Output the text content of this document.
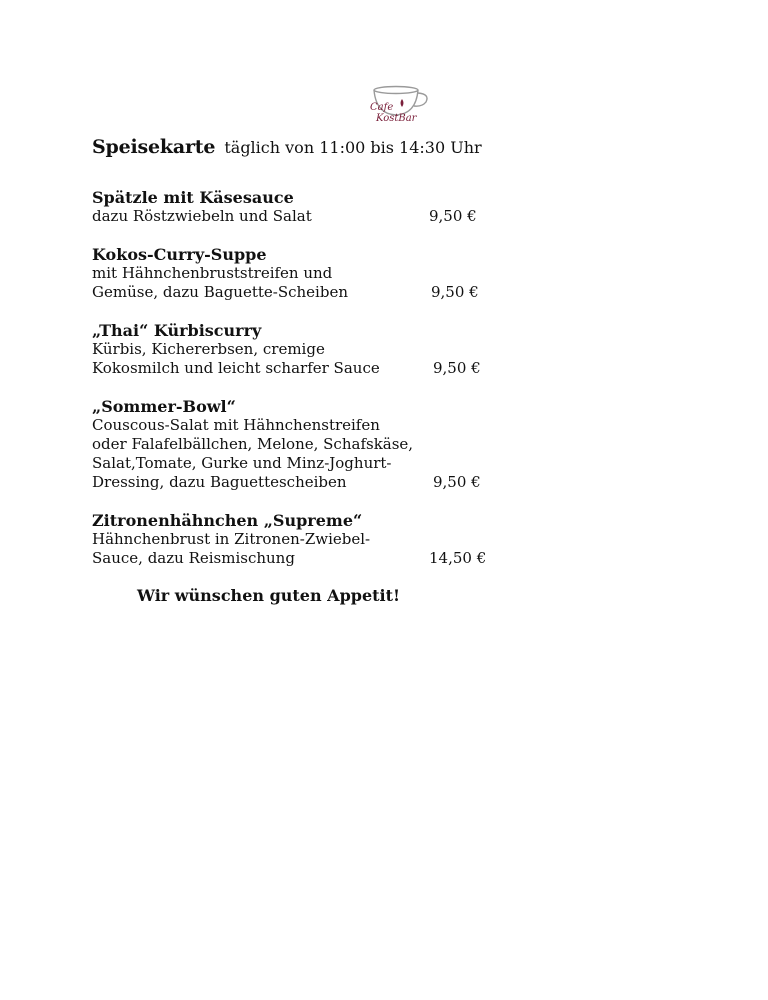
Cafe
KostBar
Speisekarte täglich von 11:00 bis 14:30 Uhr
Spätzle mit Käsesauce
dazu Röstzwiebeln und Salat	9,50 €
Kokos-Curry-Suppe
mit Hähnchenbruststreifen und
Gemüse, dazu Baguette-Scheiben	9,50 €
„Thai“ Kürbiscurry
Kürbis, Kichererbsen, cremige
Kokosmilch und leicht scharfer Sauce	9,50 €
„Sommer-Bowl“
Couscous-Salat mit Hähnchenstreifen
oder Falafelbällchen, Melone, Schafskäse,
Salat,Tomate, Gurke und Minz-Joghurt-
Dressing, dazu Baguettescheiben	9,50 €
Zitronenhähnchen „Supreme“
Hähnchenbrust in Zitronen-Zwiebel-
Sauce, dazu Reismischung	14,50 €
Wir wünschen guten Appetit!
